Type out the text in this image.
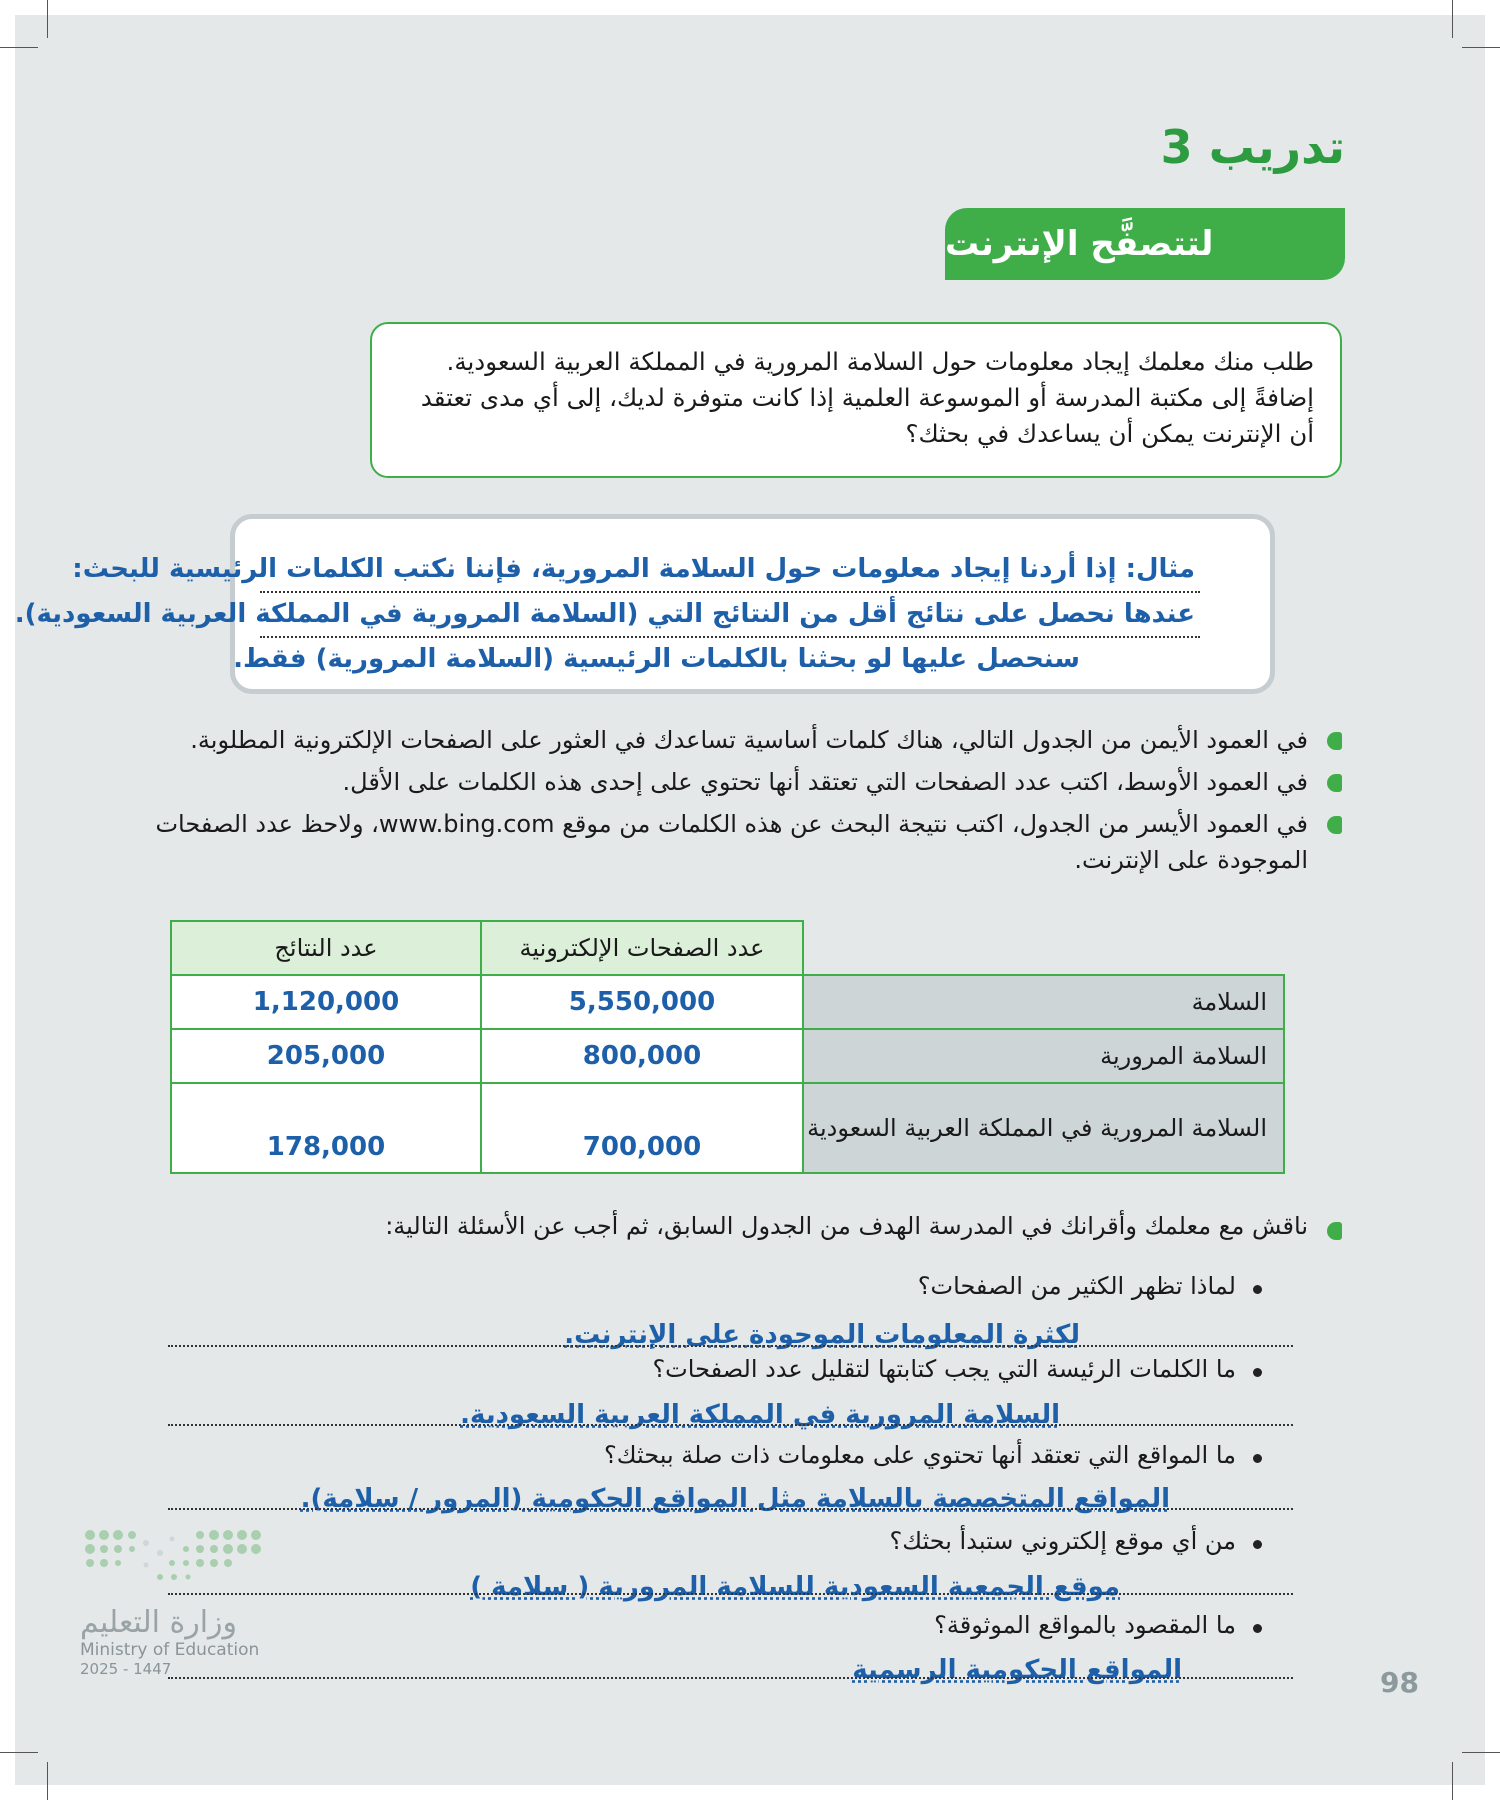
تدريب 3
لتتصفَّح الإنترنت
طلب منك معلمك إيجاد معلومات حول السلامة المرورية في المملكة العربية السعودية. إضافةً إلى مكتبة المدرسة أو الموسوعة العلمية إذا كانت متوفرة لديك، إلى أي مدى تعتقد أن الإنترنت يمكن أن يساعدك في بحثك؟
مثال: إذا أردنا إيجاد معلومات حول السلامة المرورية، فإننا نكتب الكلمات الرئيسية للبحث:
عندها نحصل على نتائج أقل من النتائج التي (السلامة المرورية في المملكة العربية السعودية).
سنحصل عليها لو بحثنا بالكلمات الرئيسية (السلامة المرورية) فقط.
في العمود الأيمن من الجدول التالي، هناك كلمات أساسية تساعدك في العثور على الصفحات الإلكترونية المطلوبة.
في العمود الأوسط، اكتب عدد الصفحات التي تعتقد أنها تحتوي على إحدى هذه الكلمات على الأقل.
في العمود الأيسر من الجدول، اكتب نتيجة البحث عن هذه الكلمات من موقع www.bing.com، ولاحظ عدد الصفحات الموجودة على الإنترنت.
	عدد الصفحات الإلكترونية	عدد النتائج
السلامة	5,550,000	1,120,000
السلامة المرورية	800,000	205,000
السلامة المرورية في المملكة العربية السعودية	700,000	178,000
ناقش مع معلمك وأقرانك في المدرسة الهدف من الجدول السابق، ثم أجب عن الأسئلة التالية:
لماذا تظهر الكثير من الصفحات؟
لكثرة المعلومات الموجودة على الإنترنت.
ما الكلمات الرئيسة التي يجب كتابتها لتقليل عدد الصفحات؟
السلامة المرورية في المملكة العربية السعودية.
ما المواقع التي تعتقد أنها تحتوي على معلومات ذات صلة ببحثك؟
المواقع المتخصصة بالسلامة مثل المواقع الحكومية (المرور / سلامة).
من أي موقع إلكتروني ستبدأ بحثك؟
موقع الجمعية السعودية للسلامة المرورية ( سلامة )
ما المقصود بالمواقع الموثوقة؟
المواقع الحكومية الرسمية	98
وزارة التعليم
Ministry of Education
2025 - 1447
